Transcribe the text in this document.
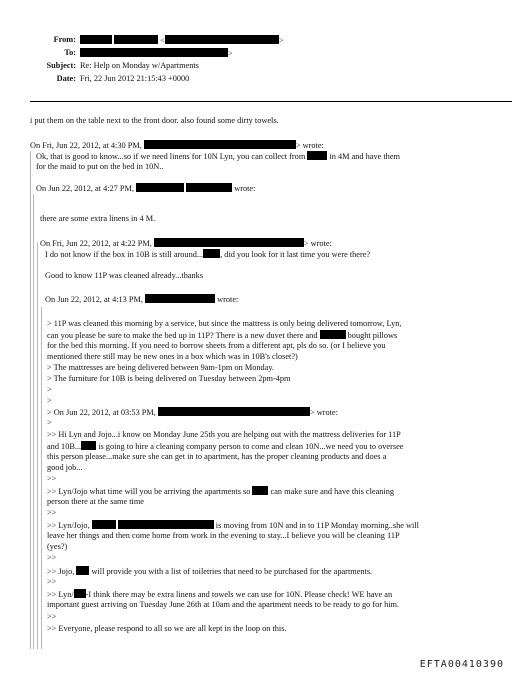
From:	<	>
To:	>
Subject: Re: Help on Monday w/Apartments
Date: Fri, 22 Jun 2012 21:15:43 +0000
i put them on the table next to the front door. also found some dirty towels.
On Fri, Jun 22, 2012, at 4:30 PM,	> wrote:
Ok, that is good to know...so if we need linens for 10N Lyn, you can collect from	in 4M and have them
for the maid to put on the bed in 10N..
On Jun 22, 2012, at 4:27 PM,	wrote:
there are some extra linens in 4 M.
On Fri, Jun 22, 2012, at 4:22 PM,	> wrote:
I do not know if the box in 10B is still around... , did you look for it last time you were there?
Good to know 11P was cleaned already...thanks
On Jun 22, 2012, at 4:13 PM,	wrote:
> 11P was cleaned this morning by a service, but since the mattress is only being delivered tomorrow, Lyn,
can you please be sure to make the bed up in 11P? There is a new duvet there and	bought pillows
for the bed this morning. If you need to borrow sheets from a different apt, pls do so. (or I believe you
mentioned there still may be new ones in a box which was in 10B's closet?)
> The mattresses are being delivered between 9am-1pm on Monday.
> The furniture for 10B is being delivered on Tuesday between 2pm-4pm
>
>
> On Jun 22, 2012, at 03:53 PM,	> wrote:
>
>> Hi Lyn and Jojo...i know on Monday June 25th you are helping out with the mattress deliveries for 11P
and 10B... is going to hire a cleaning company person to come and clean 10N...we need you to oversee
this person please...make sure she can get in to apartment, has the proper cleaning products and does a
good job...
>>
>> Lyn/Jojo what time will you be arriving the apartments so can make sure and have this cleaning
person there at the same time
>>
>> Lyn/Jojo,	is moving from 10N and in to 11P Monday morning..she will
leave her things and then come home from work in the evening to stay...I believe you will be cleaning 11P
(yes?)
>>
>> Jojo, will provide you with a list of toiletries that need to be purchased for the apartments.
>>
>> Lyn/ -I think there may be extra linens and towels we can use for 10N. Please check! WE have an
important guest arriving on Tuesday June 26th at 10am and the apartment needs to be ready to go for him.
>>
>> Everyone, please respond to all so we are all kept in the loop on this.
EFTA00410390
